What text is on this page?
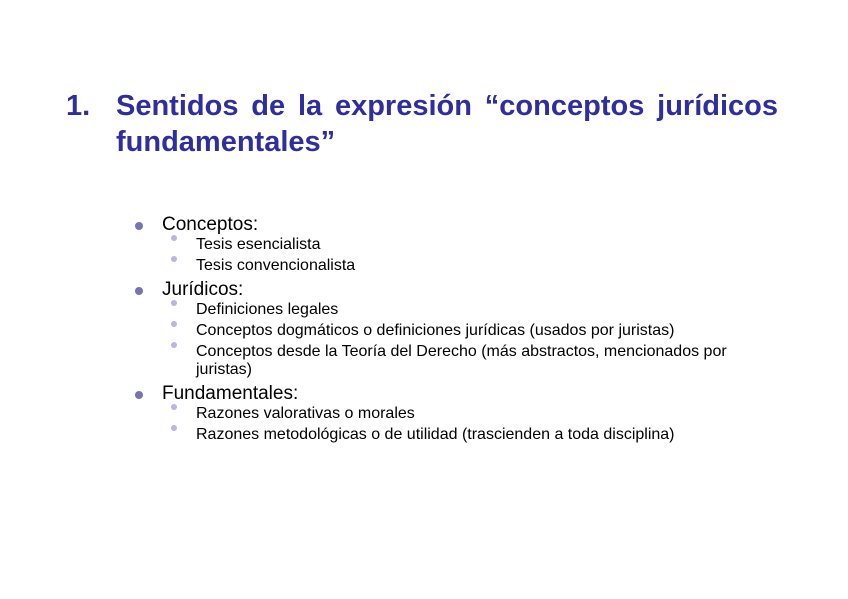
1. Sentidos de la expresión “conceptos jurídicos fundamentales”
Conceptos:
Tesis esencialista
Tesis convencionalista
Jurídicos:
Definiciones legales
Conceptos dogmáticos o definiciones jurídicas (usados por juristas)
Conceptos desde la Teoría del Derecho (más abstractos, mencionados por juristas)
Fundamentales:
Razones valorativas o morales
Razones metodológicas o de utilidad (trascienden a toda disciplina)
